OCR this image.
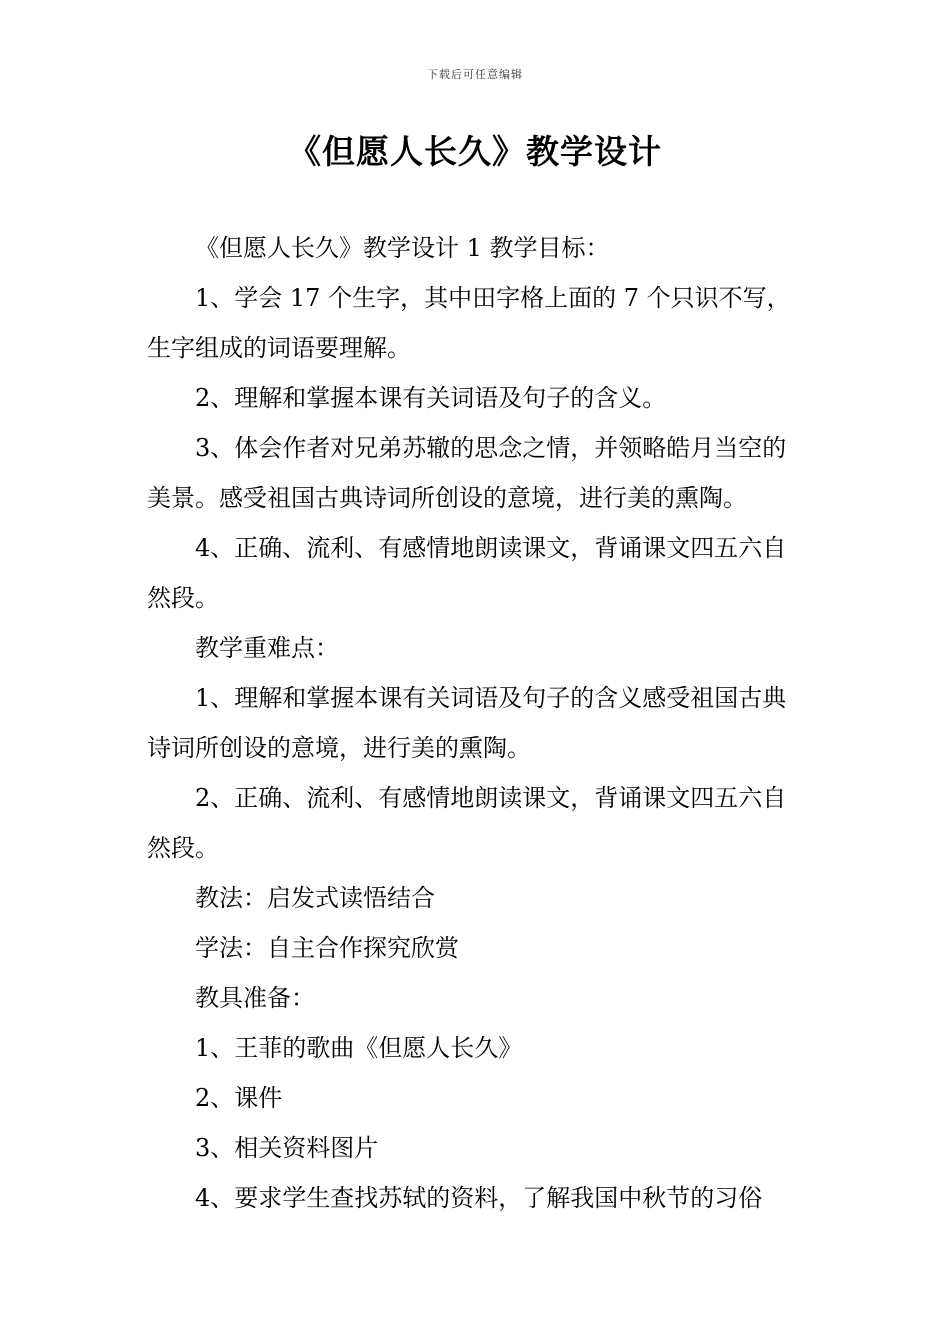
下载后可任意编辑
《但愿人长久》教学设计

《但愿人长久》教学设计 1 教学目标：

1、学会 17 个生字，其中田字格上面的 7 个只识不写，生字组成的词语要理解。

2、理解和掌握本课有关词语及句子的含义。

3、体会作者对兄弟苏辙的思念之情，并领略皓月当空的美景。感受祖国古典诗词所创设的意境，进行美的熏陶。

4、正确、流利、有感情地朗读课文，背诵课文四五六自然段。

教学重难点：

1、理解和掌握本课有关词语及句子的含义感受祖国古典诗词所创设的意境，进行美的熏陶。

2、正确、流利、有感情地朗读课文，背诵课文四五六自然段。

教法：启发式读悟结合

学法：自主合作探究欣赏

教具准备：

1、王菲的歌曲《但愿人长久》

2、课件

3、相关资料图片

4、要求学生查找苏轼的资料，了解我国中秋节的习俗
